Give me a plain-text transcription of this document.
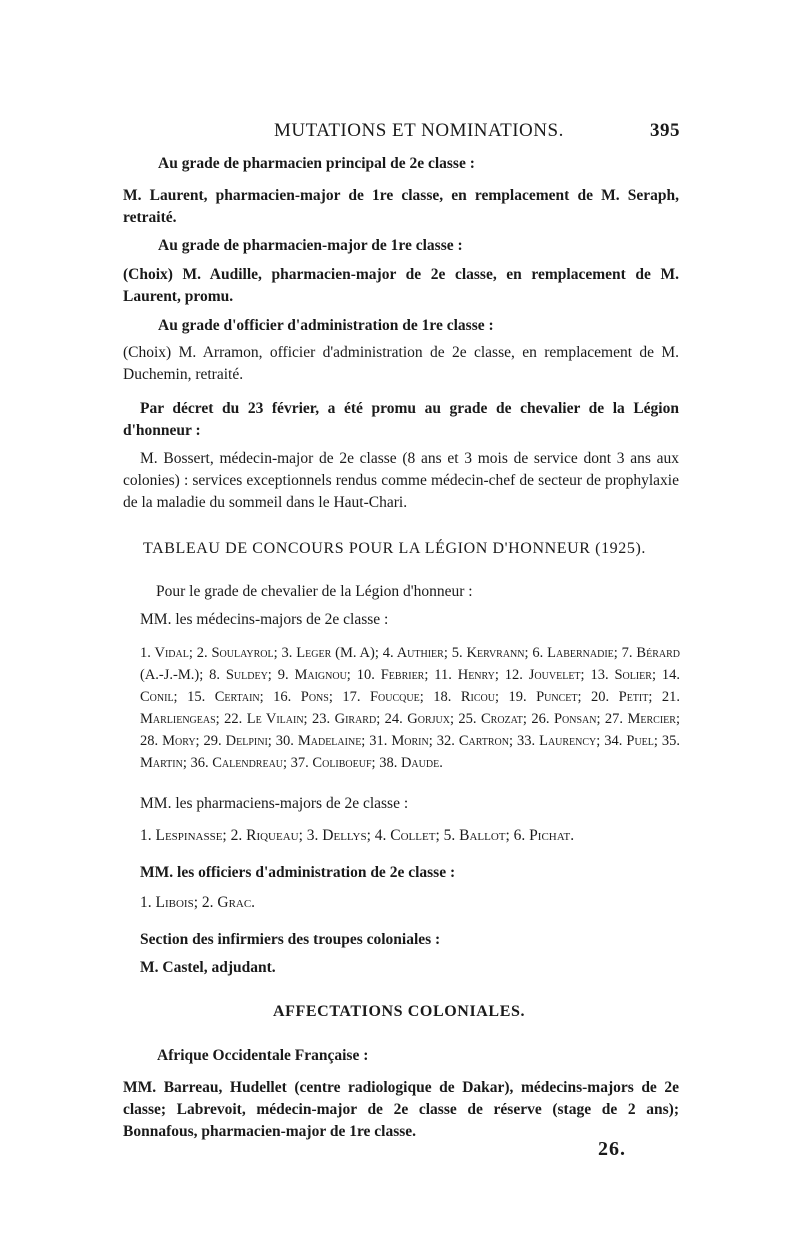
MUTATIONS ET NOMINATIONS.	395
Au grade de pharmacien principal de 2e classe :
M. Laurent, pharmacien-major de 1re classe, en remplacement de M. Seraph, retraité.
Au grade de pharmacien-major de 1re classe :
(Choix) M. Audille, pharmacien-major de 2e classe, en remplacement de M. Laurent, promu.
Au grade d'officier d'administration de 1re classe :
(Choix) M. Arramon, officier d'administration de 2e classe, en remplacement de M. Duchemin, retraité.
Par décret du 23 février, a été promu au grade de chevalier de la Légion d'honneur :
M. Bossert, médecin-major de 2e classe (8 ans et 3 mois de service dont 3 ans aux colonies) : services exceptionnels rendus comme médecin-chef de secteur de prophylaxie de la maladie du sommeil dans le Haut-Chari.
TABLEAU DE CONCOURS POUR LA LÉGION D'HONNEUR (1925).
Pour le grade de chevalier de la Légion d'honneur :
MM. les médecins-majors de 2e classe :
1. Vidal; 2. Soulayrol; 3. Leger (M. A); 4. Authier; 5. Kervrann; 6. Labernadie; 7. Bérard (A.-J.-M.); 8. Suldey; 9. Maignou; 10. Febrier; 11. Henry; 12. Jouvelet; 13. Solier; 14. Conil; 15. Certain; 16. Pons; 17. Foucque; 18. Ricou; 19. Puncet; 20. Petit; 21. Marliengeas; 22. Le Vilain; 23. Girard; 24. Gorjux; 25. Crozat; 26. Ponsan; 27. Mercier; 28. Mory; 29. Delpini; 30. Madelaine; 31. Morin; 32. Cartron; 33. Laurency; 34. Puel; 35. Martin; 36. Calendreau; 37. Coliboeuf; 38. Daude.
MM. les pharmaciens-majors de 2e classe :
1. Lespinasse; 2. Riqueau; 3. Dellys; 4. Collet; 5. Ballot; 6. Pichat.
MM. les officiers d'administration de 2e classe :
1. Libois; 2. Grac.
Section des infirmiers des troupes coloniales :
M. Castel, adjudant.
AFFECTATIONS COLONIALES.
Afrique Occidentale Française :
MM. Barreau, Hudellet (centre radiologique de Dakar), médecins-majors de 2e classe; Labrevoit, médecin-major de 2e classe de réserve (stage de 2 ans); Bonnafous, pharmacien-major de 1re classe.
26.
